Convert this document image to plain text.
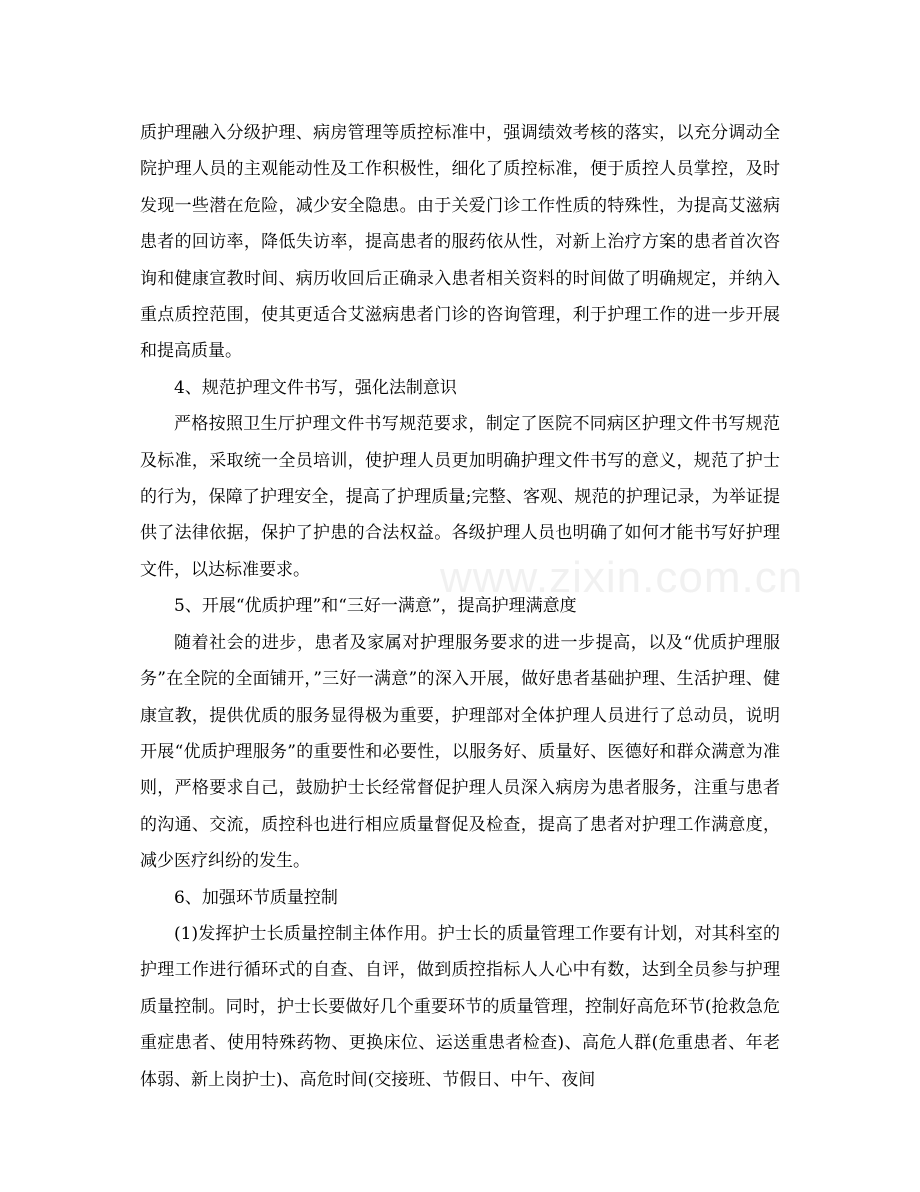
质护理融入分级护理、病房管理等质控标准中，强调绩效考核的落实，以充分调动全院护理人员的主观能动性及工作积极性，细化了质控标准，便于质控人员掌控，及时发现一些潜在危险，减少安全隐患。由于关爱门诊工作性质的特殊性，为提高艾滋病患者的回访率，降低失访率，提高患者的服药依从性，对新上治疗方案的患者首次咨询和健康宣教时间、病历收回后正确录入患者相关资料的时间做了明确规定，并纳入重点质控范围，使其更适合艾滋病患者门诊的咨询管理，利于护理工作的进一步开展和提高质量。

4、规范护理文件书写，强化法制意识

严格按照卫生厅护理文件书写规范要求，制定了医院不同病区护理文件书写规范及标准，采取统一全员培训，使护理人员更加明确护理文件书写的意义，规范了护士的行为，保障了护理安全，提高了护理质量;完整、客观、规范的护理记录，为举证提供了法律依据，保护了护患的合法权益。各级护理人员也明确了如何才能书写好护理文件，以达标准要求。

5、开展“优质护理”和“三好一满意”，提高护理满意度

随着社会的进步，患者及家属对护理服务要求的进一步提高，以及“优质护理服务”在全院的全面铺开，”三好一满意”的深入开展，做好患者基础护理、生活护理、健康宣教，提供优质的服务显得极为重要，护理部对全体护理人员进行了总动员，说明开展“优质护理服务”的重要性和必要性，以服务好、质量好、医德好和群众满意为准则，严格要求自己，鼓励护士长经常督促护理人员深入病房为患者服务，注重与患者的沟通、交流，质控科也进行相应质量督促及检查，提高了患者对护理工作满意度，减少医疗纠纷的发生。

6、加强环节质量控制

(1)发挥护士长质量控制主体作用。护士长的质量管理工作要有计划，对其科室的护理工作进行循环式的自查、自评，做到质控指标人人心中有数，达到全员参与护理质量控制。同时，护士长要做好几个重要环节的质量管理，控制好高危环节(抢救急危重症患者、使用特殊药物、更换床位、运送重患者检查)、高危人群(危重患者、年老体弱、新上岗护士)、高危时间(交接班、节假日、中午、夜间

www.zixin.com.cn
